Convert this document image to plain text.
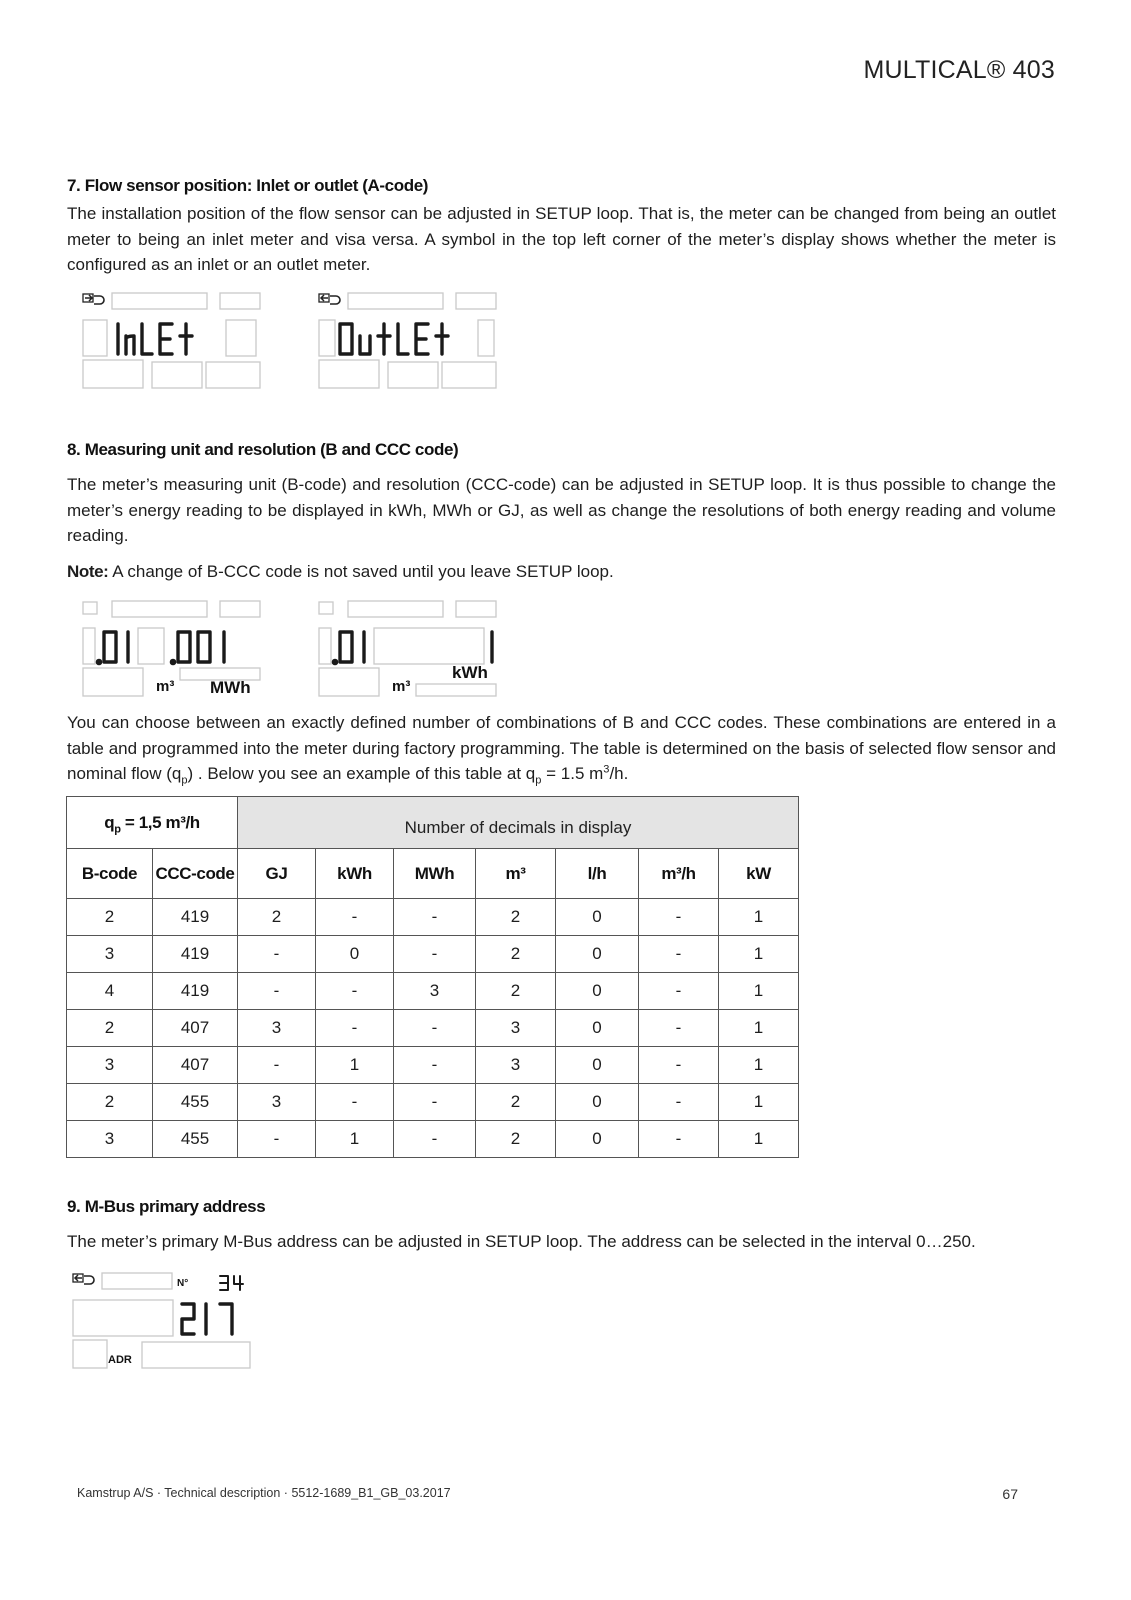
MULTICAL® 403
7. Flow sensor position: Inlet or outlet (A-code)

The installation position of the flow sensor can be adjusted in SETUP loop. That is, the meter can be changed from being an outlet meter to being an inlet meter and visa versa. A symbol in the top left corner of the meter’s display shows whether the meter is configured as an inlet or an outlet meter.

8. Measuring unit and resolution (B and CCC code)

The meter’s measuring unit (B-code) and resolution (CCC-code) can be adjusted in SETUP loop. It is thus possible to change the meter’s energy reading to be displayed in kWh, MWh or GJ, as well as change the resolutions of both energy reading and volume reading.

Note: A change of B-CCC code is not saved until you leave SETUP loop.

m³ MWh	m³
kWh

You can choose between an exactly defined number of combinations of B and CCC codes. These combinations are entered in a table and programmed into the meter during factory programming. The table is determined on the basis of selected flow sensor and nominal flow $(q_p)$ . Below you see an example of this table at $q_p = 1.5$ $m^3/h$.

$q_p = 1,5$ m³/h		Number of decimals in display						
B-code	CCC-code	GJ	kWh	MWh	m³	l/h	m³/h	kW
2	419	2	-	-	2	0	-	1
3	419	-	0	-	2	0	-	1
4	419	-	-	3	2	0	-	1
2	407	3	-	-	3	0	-	1
3	407	-	1	-	3	0	-	1
2	455	3	-	-	2	0	-	1
3	455	-	1	-	2	0	-	1
9. M-Bus primary address

The meter’s primary M-Bus address can be adjusted in SETUP loop. The address can be selected in the interval 0…250.

N°
ADR
Kamstrup A/S · Technical description · 5512-1689_B1_GB_03.2017	67
